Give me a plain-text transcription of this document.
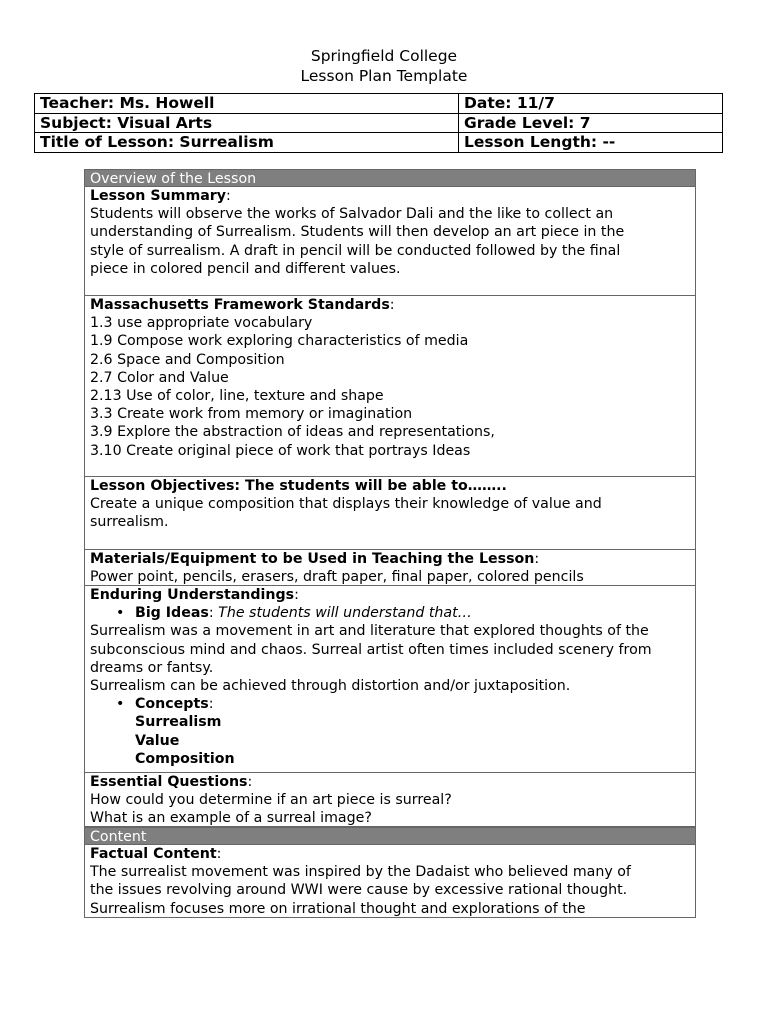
Springfield College
Lesson Plan Template
Teacher: Ms. Howell	Date: 11/7
Subject: Visual Arts	Grade Level: 7
Title of Lesson: Surrealism	Lesson Length: --
Overview of the Lesson
Lesson Summary:
Students will observe the works of Salvador Dali and the like to collect an
understanding of Surrealism. Students will then develop an art piece in the
style of surrealism. A draft in pencil will be conducted followed by the final
piece in colored pencil and different values.
Massachusetts Framework Standards:
1.3 use appropriate vocabulary
1.9 Compose work exploring characteristics of media
2.6 Space and Composition
2.7 Color and Value
2.13 Use of color, line, texture and shape
3.3 Create work from memory or imagination
3.9 Explore the abstraction of ideas and representations,
3.10 Create original piece of work that portrays Ideas
Lesson Objectives: The students will be able to……..
Create a unique composition that displays their knowledge of value and
surrealism.
Materials/Equipment to be Used in Teaching the Lesson:
Power point, pencils, erasers, draft paper, final paper, colored pencils
Enduring Understandings:
• Big Ideas: The students will understand that…
Surrealism was a movement in art and literature that explored thoughts of the
subconscious mind and chaos. Surreal artist often times included scenery from
dreams or fantsy.
Surrealism can be achieved through distortion and/or juxtaposition.
• Concepts:
Surrealism
Value
Composition
Essential Questions:
How could you determine if an art piece is surreal?
What is an example of a surreal image?
Content
Factual Content:
The surrealist movement was inspired by the Dadaist who believed many of
the issues revolving around WWI were cause by excessive rational thought.
Surrealism focuses more on irrational thought and explorations of the
